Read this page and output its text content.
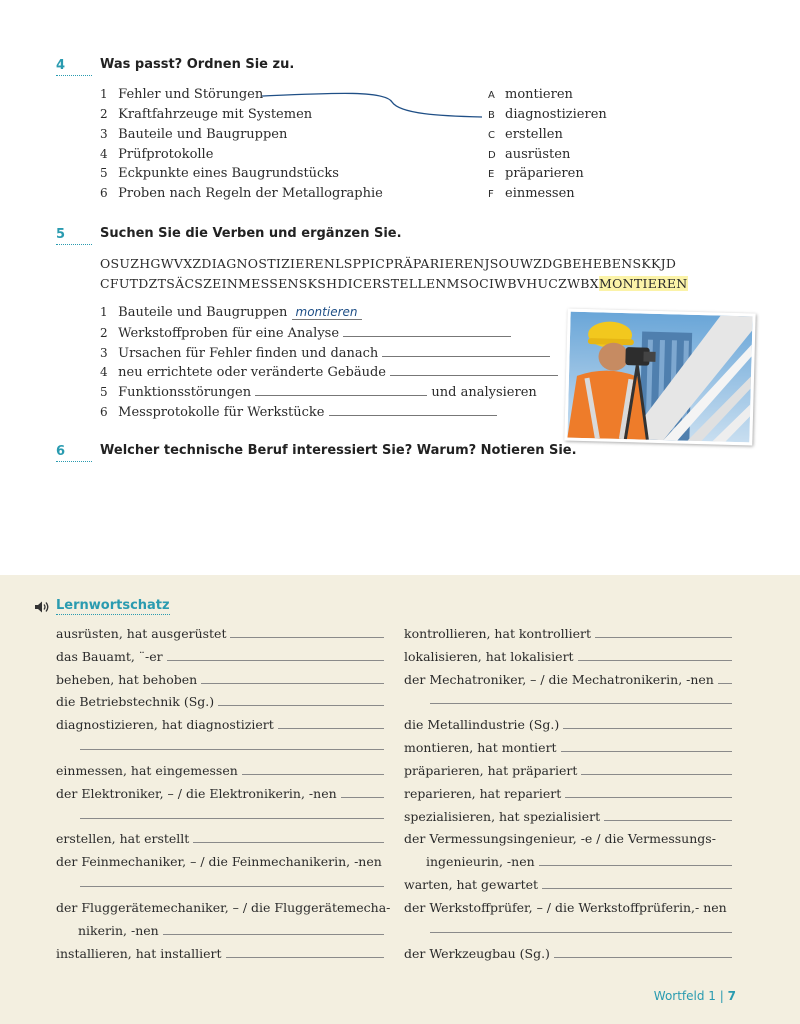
4	Was passt? Ordnen Sie zu.
1 Fehler und Störungen
2 Kraftfahrzeuge mit Systemen
3 Bauteile und Baugruppen
4 Prüfprotokolle
5 Eckpunkte eines Baugrundstücks
6 Proben nach Regeln der Metallographie
A montieren
B diagnostizieren
C erstellen
D ausrüsten
E präparieren
F einmessen
5	Suchen Sie die Verben und ergänzen Sie.
OSUZHGWVXZDIAGNOSTIZIERENLSPPICPRÄPARIERENJSOUWZDGBEHEBENSKKJD
CFUTDZTSÄCSZEINMESSENSKSHDICERSTELLENMSOCIWBVHUCZWBXMONTIEREN
1 Bauteile und Baugruppen montieren
2 Werkstoffproben für eine Analyse
3 Ursachen für Fehler finden und danach
4 neu errichtete oder veränderte Gebäude
5 Funktionsstörungen	und analysieren
6 Messprotokolle für Werkstücke
6	Welcher technische Beruf interessiert Sie? Warum? Notieren Sie.
Lernwortschatz
ausrüsten, hat ausgerüstet
das Bauamt, ¨-er
beheben, hat behoben
die Betriebstechnik (Sg.)
diagnostizieren, hat diagnostiziert
einmessen, hat eingemessen
der Elektroniker, – / die Elektronikerin, -nen
erstellen, hat erstellt
der Feinmechaniker, – / die Feinmechanikerin, -nen
der Fluggerätemechaniker, – / die Fluggerätemecha-
nikerin, -nen
installieren, hat installiert
kontrollieren, hat kontrolliert
lokalisieren, hat lokalisiert
der Mechatroniker, – / die Mechatronikerin, -nen
die Metallindustrie (Sg.)
montieren, hat montiert
präparieren, hat präpariert
reparieren, hat repariert
spezialisieren, hat spezialisiert
der Vermessungsingenieur, -e / die Vermessungs-
ingenieurin, -nen
warten, hat gewartet
der Werkstoffprüfer, – / die Werkstoffprüferin,- nen
der Werkzeugbau (Sg.)
Wortfeld 1 | 7
